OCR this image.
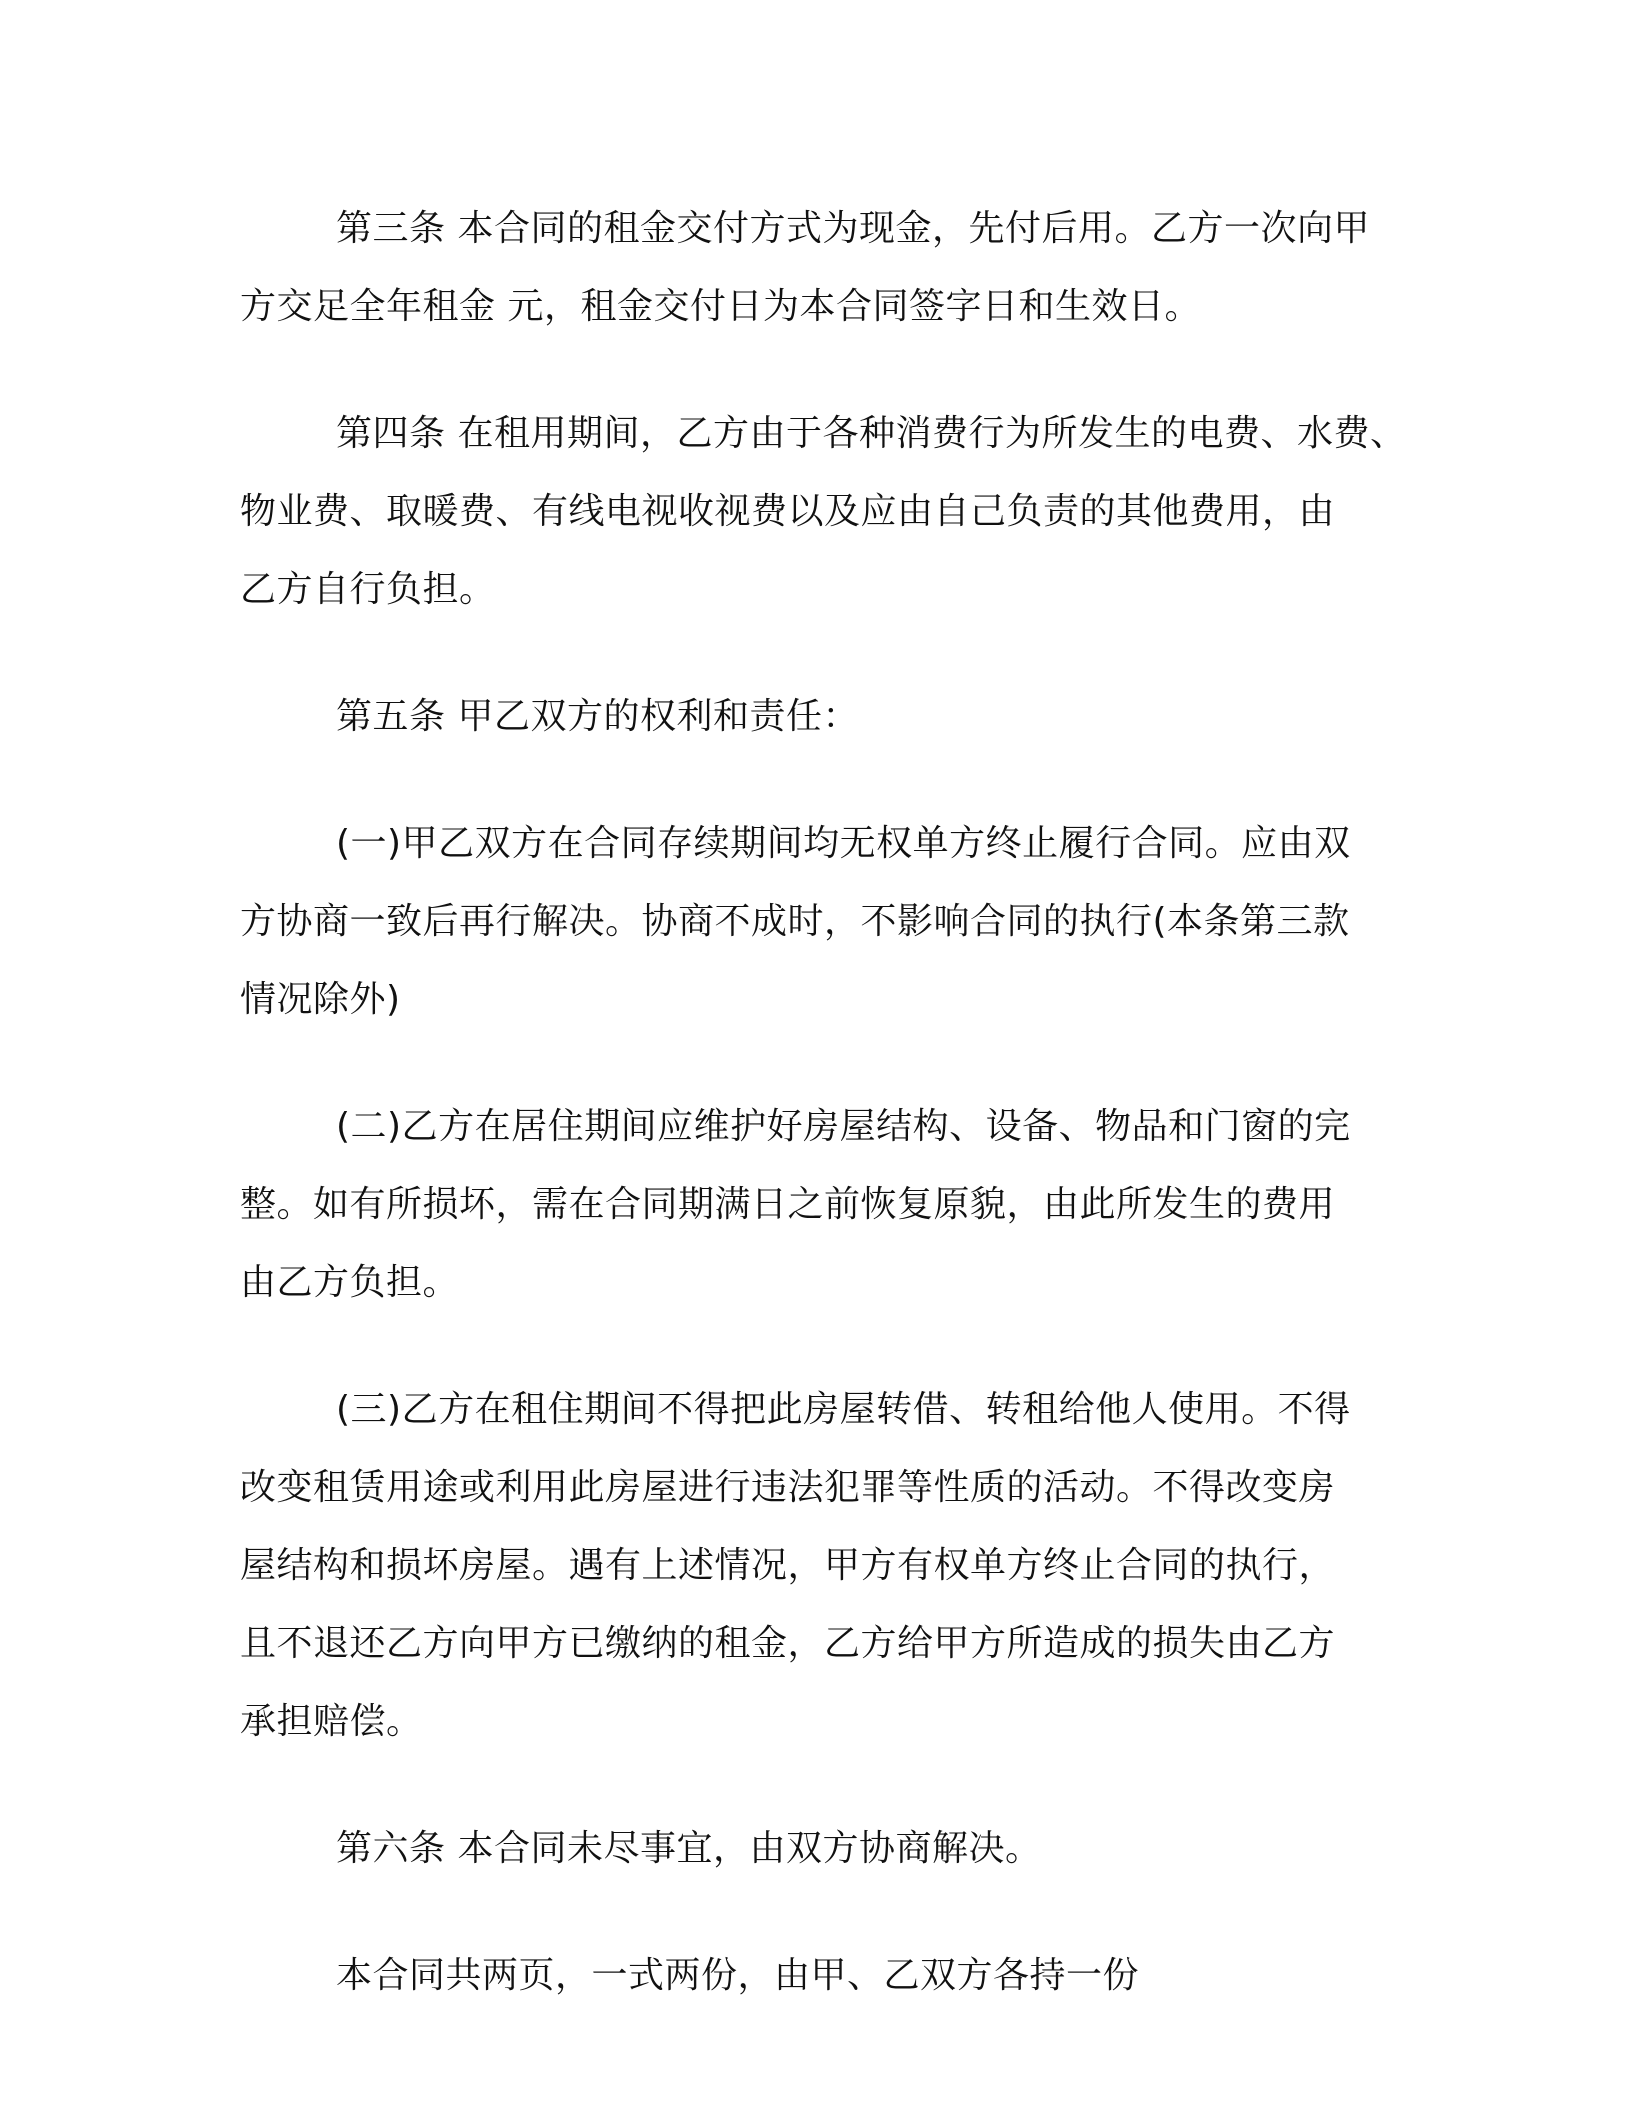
第三条 本合同的租金交付方式为现金，先付后用。乙方一次向甲
方交足全年租金 元，租金交付日为本合同签字日和生效日。

第四条 在租用期间，乙方由于各种消费行为所发生的电费、水费、
物业费、取暖费、有线电视收视费以及应由自己负责的其他费用，由
乙方自行负担。

第五条 甲乙双方的权利和责任：

(一)甲乙双方在合同存续期间均无权单方终止履行合同。应由双
方协商一致后再行解决。协商不成时，不影响合同的执行(本条第三款
情况除外)

(二)乙方在居住期间应维护好房屋结构、设备、物品和门窗的完
整。如有所损坏，需在合同期满日之前恢复原貌，由此所发生的费用
由乙方负担。

(三)乙方在租住期间不得把此房屋转借、转租给他人使用。不得
改变租赁用途或利用此房屋进行违法犯罪等性质的活动。不得改变房
屋结构和损坏房屋。遇有上述情况，甲方有权单方终止合同的执行，
且不退还乙方向甲方已缴纳的租金，乙方给甲方所造成的损失由乙方
承担赔偿。

第六条 本合同未尽事宜，由双方协商解决。

本合同共两页，一式两份，由甲、乙双方各持一份
